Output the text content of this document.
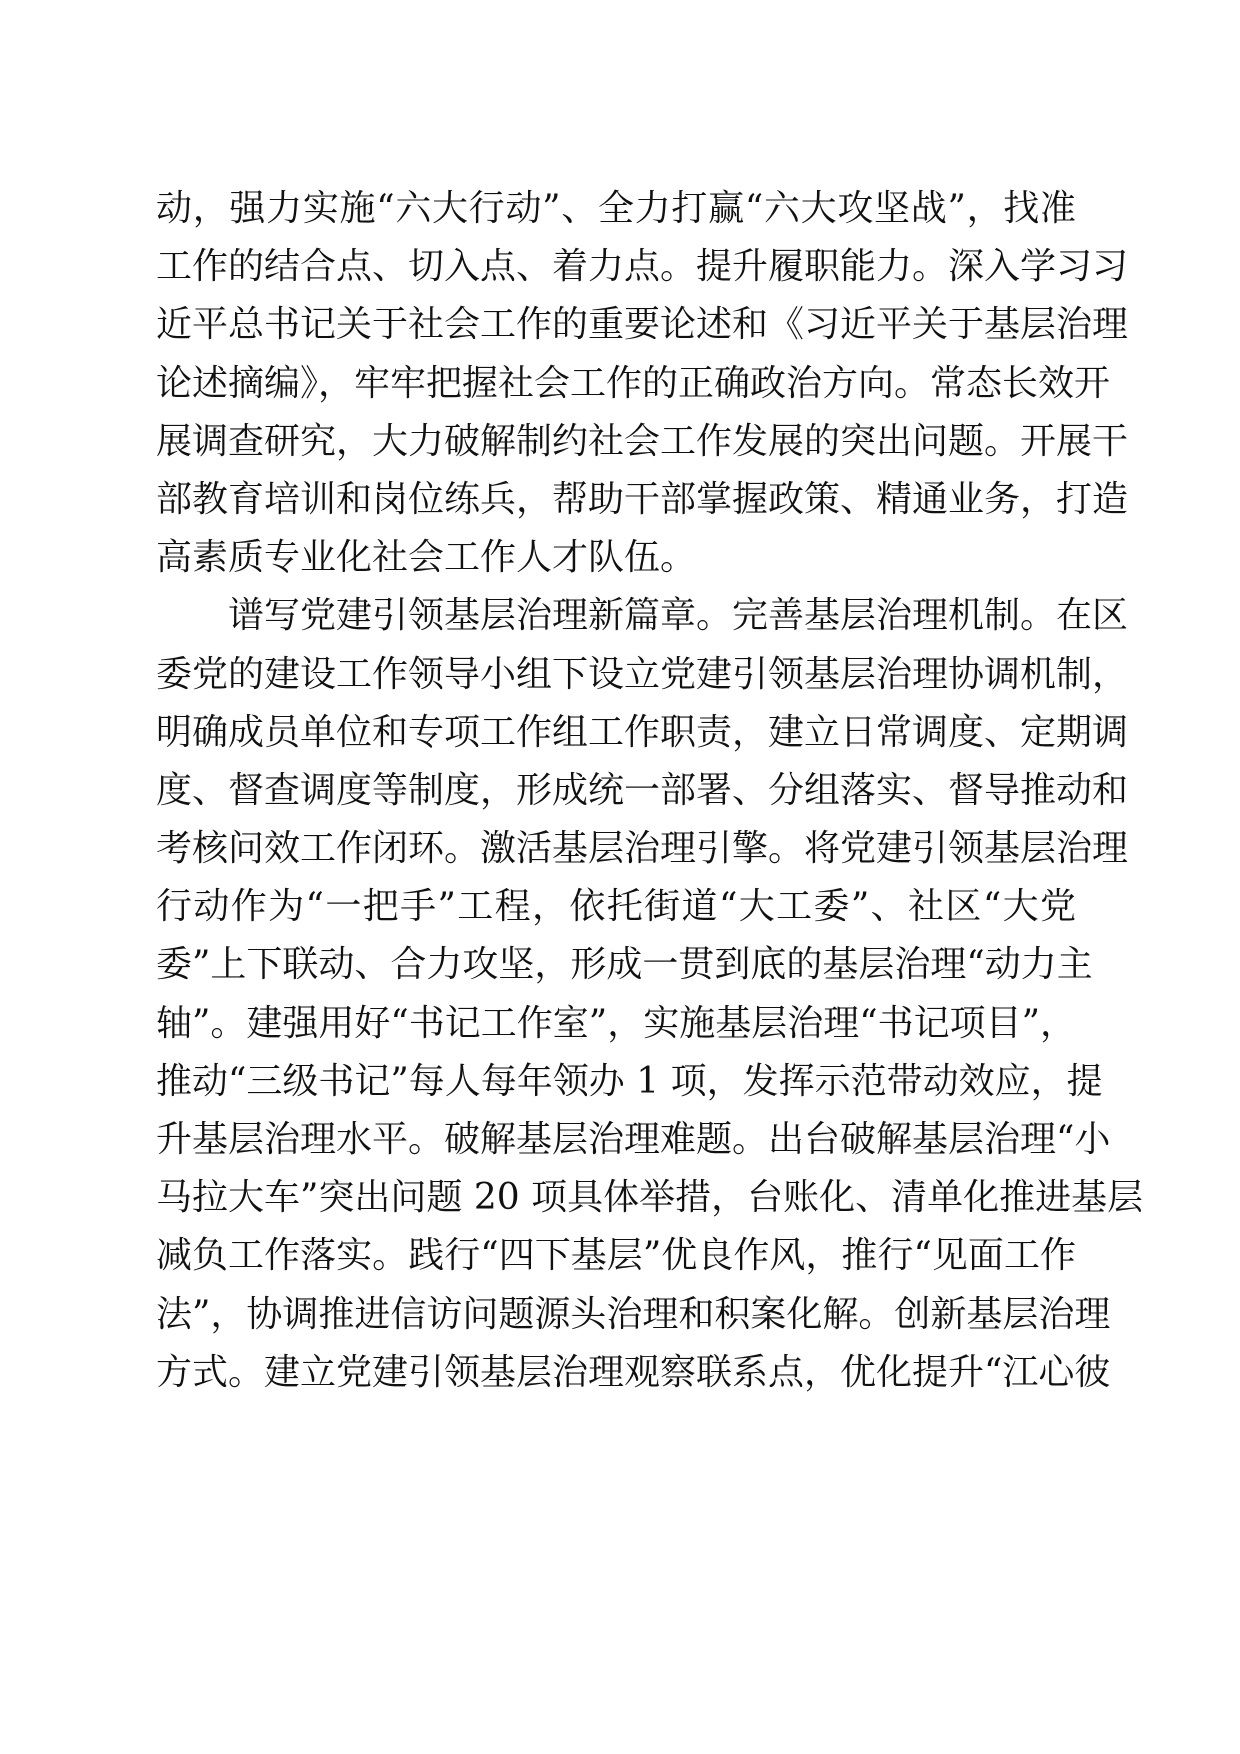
动，强力实施“六大行动”、全力打赢“六大攻坚战”，找准
工作的结合点、切入点、着力点。提升履职能力。深入学习习
近平总书记关于社会工作的重要论述和《习近平关于基层治理
论述摘编》，牢牢把握社会工作的正确政治方向。常态长效开
展调查研究，大力破解制约社会工作发展的突出问题。开展干
部教育培训和岗位练兵，帮助干部掌握政策、精通业务，打造
高素质专业化社会工作人才队伍。
谱写党建引领基层治理新篇章。完善基层治理机制。在区
委党的建设工作领导小组下设立党建引领基层治理协调机制，
明确成员单位和专项工作组工作职责，建立日常调度、定期调
度、督查调度等制度，形成统一部署、分组落实、督导推动和
考核问效工作闭环。激活基层治理引擎。将党建引领基层治理
行动作为“一把手”工程，依托街道“大工委”、社区“大党
委”上下联动、合力攻坚，形成一贯到底的基层治理“动力主
轴”。建强用好“书记工作室”，实施基层治理“书记项目”，
推动“三级书记”每人每年领办 1 项，发挥示范带动效应，提
升基层治理水平。破解基层治理难题。出台破解基层治理“小
马拉大车”突出问题 20 项具体举措，台账化、清单化推进基层
减负工作落实。践行“四下基层”优良作风，推行“见面工作
法”，协调推进信访问题源头治理和积案化解。创新基层治理
方式。建立党建引领基层治理观察联系点，优化提升“江心彼
